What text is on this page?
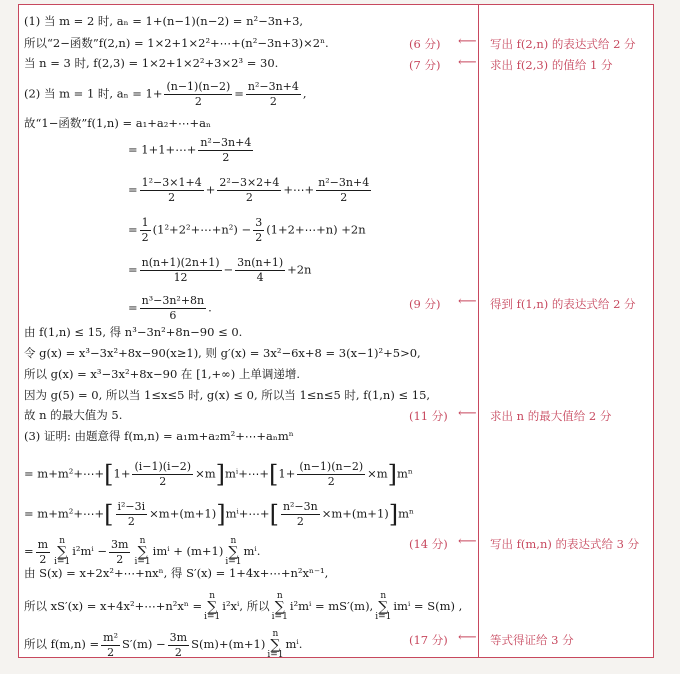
(1) 当 m = 2 时, aₙ = 1+(n−1)(n−2) = n²−3n+3,
所以“2−函数”f(2,n) = 1×2+1×2²+⋯+(n²−3n+3)×2ⁿ.
当 n = 3 时, f(2,3) = 1×2+1×2²+3×2³ = 30.
(2) 当 m = 1 时, $a_n = 1+ \frac{(n-1)(n-2)}{2} = \frac{\text{n²−3n+4}}{2}$ ,
故“1−函数”f(1,n) = a₁+a₂+⋯+aₙ
= 1+1+⋯+ $\frac{\text{n²−3n+4}}{2}$
= $\frac{\text{1²−3×1+4}}{2} + \frac{\text{2²−3×2+4}}{2}$ +⋯+ $\frac{\text{n²−3n+4}}{2}$
= $\frac{1}{2}$ (1²+2²+⋯+n²) − $\frac{3}{2}$ (1+2+⋯+n) +2n
= $\frac{n(n+1)(2n+1)}{12} - \frac{3n(n+1)}{4} +2n$
= $\frac{\text{n³−3n²+8n}}{6}$ .
由 f(1,n) ≤ 15, 得 n³−3n²+8n−90 ≤ 0.
令 g(x) = x³−3x²+8x−90(x≥1), 则 g′(x) = 3x²−6x+8 = 3(x−1)²+5>0,
所以 g(x) = x³−3x²+8x−90 在 [1,+∞) 上单调递增.
因为 g(5) = 0, 所以当 1≤x≤5 时, g(x) ≤ 0, 所以当 1≤n≤5 时, f(1,n) ≤ 15,
故 n 的最大值为 5.
(3) 证明: 由题意得 f(m,n) = a₁m+a₂m²+⋯+aₙmⁿ
= m+m²+⋯+[1+ $\frac{(i-1)(i-2)}{2}$ ×m]mⁱ+⋯+[1+ $\frac{(n-1)(n-2)}{2} \times m]m^n$
= m+m²+⋯+[ $\frac{\text{i²−3i}}{2}$ ×m+(m+1)]mⁱ+⋯+[ $\frac{\text{n²−3n}}{2} \times m+(m+1)]m^n$
= $\frac{m}{2}$ n
∑
$i=1i^2m^i - \frac{3m}{2}$ n
∑
i=1imⁱ + (m+1)n
∑
i=1mⁱ.
由 S(x) = x+2x²+⋯+nxⁿ, 得 S′(x) = 1+4x+⋯+n²xⁿ⁻¹,
所以 xS′(x) = x+4x²+⋯+n²xⁿ =n
∑
i=1i²xⁱ, 所以n
∑
i=1i²mⁱ = mS′(m),n
∑
i=1imⁱ = S(m) ,
所以 $f(m,n) = \frac{\text{m²}}{2} S'(m) - \frac{3m}{2} S(m)+(m+1)n$
∑
i=1mⁱ.
(6 分) ⟵ 写出 f(2,n) 的表达式给 2 分
(7 分) ⟵ 求出 f(2,3) 的值给 1 分
(9 分) ⟵ 得到 f(1,n) 的表达式给 2 分
(11 分) ⟵ 求出 n 的最大值给 2 分
(14 分) ⟵ 写出 f(m,n) 的表达式给 3 分
(17 分) ⟵ 等式得证给 3 分
